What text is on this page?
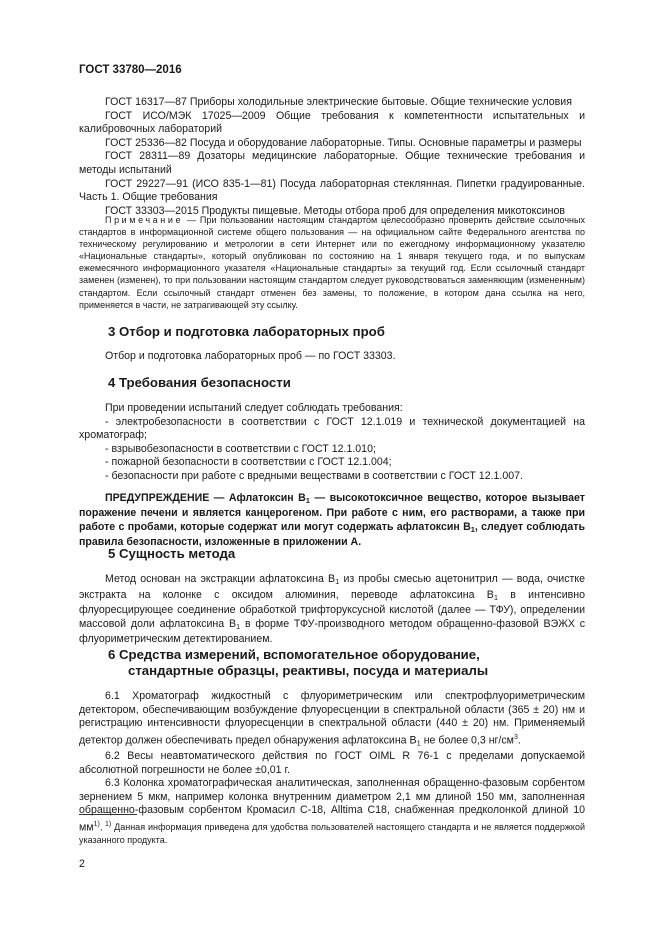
ГОСТ 33780—2016

ГОСТ 16317—87 Приборы холодильные электрические бытовые. Общие технические условия

ГОСТ ИСО/МЭК 17025—2009 Общие требования к компетентности испытательных и калибровочных лабораторий

ГОСТ 25336—82 Посуда и оборудование лабораторные. Типы. Основные параметры и размеры

ГОСТ 28311—89 Дозаторы медицинские лабораторные. Общие технические требования и методы испытаний

ГОСТ 29227—91 (ИСО 835-1—81) Посуда лабораторная стеклянная. Пипетки градуированные. Часть 1. Общие требования

ГОСТ 33303—2015 Продукты пищевые. Методы отбора проб для определения микотоксинов

Примечание — При пользовании настоящим стандартом целесообразно проверить действие ссылочных стандартов в информационной системе общего пользования — на официальном сайте Федерального агентства по техническому регулированию и метрологии в сети Интернет или по ежегодному информационному указателю «Национальные стандарты», который опубликован по состоянию на 1 января текущего года, и по выпускам ежемесячного информационного указателя «Национальные стандарты» за текущий год. Если ссылочный стандарт заменен (изменен), то при пользовании настоящим стандартом следует руководствоваться заменяющим (измененным) стандартом. Если ссылочный стандарт отменен без замены, то положение, в котором дана ссылка на него, применяется в части, не затрагивающей эту ссылку.

3 Отбор и подготовка лабораторных проб

Отбор и подготовка лабораторных проб — по ГОСТ 33303.

4 Требования безопасности

При проведении испытаний следует соблюдать требования:

- электробезопасности в соответствии с ГОСТ 12.1.019 и технической документацией на хроматограф;

- взрывобезопасности в соответствии с ГОСТ 12.1.010;

- пожарной безопасности в соответствии с ГОСТ 12.1.004;

- безопасности при работе с вредными веществами в соответствии с ГОСТ 12.1.007.

ПРЕДУПРЕЖДЕНИЕ — Афлатоксин $B_1$ — высокотоксичное вещество, которое вызывает поражение печени и является канцерогеном. При работе с ним, его растворами, а также при работе с пробами, которые содержат или могут содержать афлатоксин $B_1$, следует соблюдать правила безопасности, изложенные в приложении А.

5 Сущность метода

Метод основан на экстракции афлатоксина $B_1$ из пробы смесью ацетонитрил — вода, очистке экстракта на колонке с оксидом алюминия, переводе афлатоксина $B_1$ в интенсивно флуоресцирующее соединение обработкой трифторуксусной кислотой (далее — ТФУ), определении массовой доли афлатоксина $B_1$ в форме ТФУ-производного методом обращенно-фазовой ВЭЖХ с флуориметрическим детектированием.

6 Средства измерений, вспомогательное оборудование,
стандартные образцы, реактивы, посуда и материалы

6.1 Хроматограф жидкостный с флуориметрическим или спектрофлуориметрическим детектором, обеспечивающим возбуждение флуоресценции в спектральной области (365 ± 20) нм и регистрацию интенсивности флуоресценции в спектральной области (440 ± 20) нм. Применяемый детектор должен обеспечивать предел обнаружения афлатоксина $B_1$ не более 0,3 $нг/см^3$.

6.2 Весы неавтоматического действия по ГОСТ OIML R 76-1 с пределами допускаемой абсолютной погрешности не более ±0,01 г.

6.3 Колонка хроматографическая аналитическая, заполненная обращенно-фазовым сорбентом зернением 5 мкм, например колонка внутренним диаметром 2,1 мм длиной 150 мм, заполненная обращенно-фазовым сорбентом Кромасил С-18, Alltima C18, снабженная предколонкой длиной 10 $мм^{1)}$. $^{1)}$ Данная информация приведена для удобства пользователей настоящего стандарта и не является поддержкой указанного продукта.

2
